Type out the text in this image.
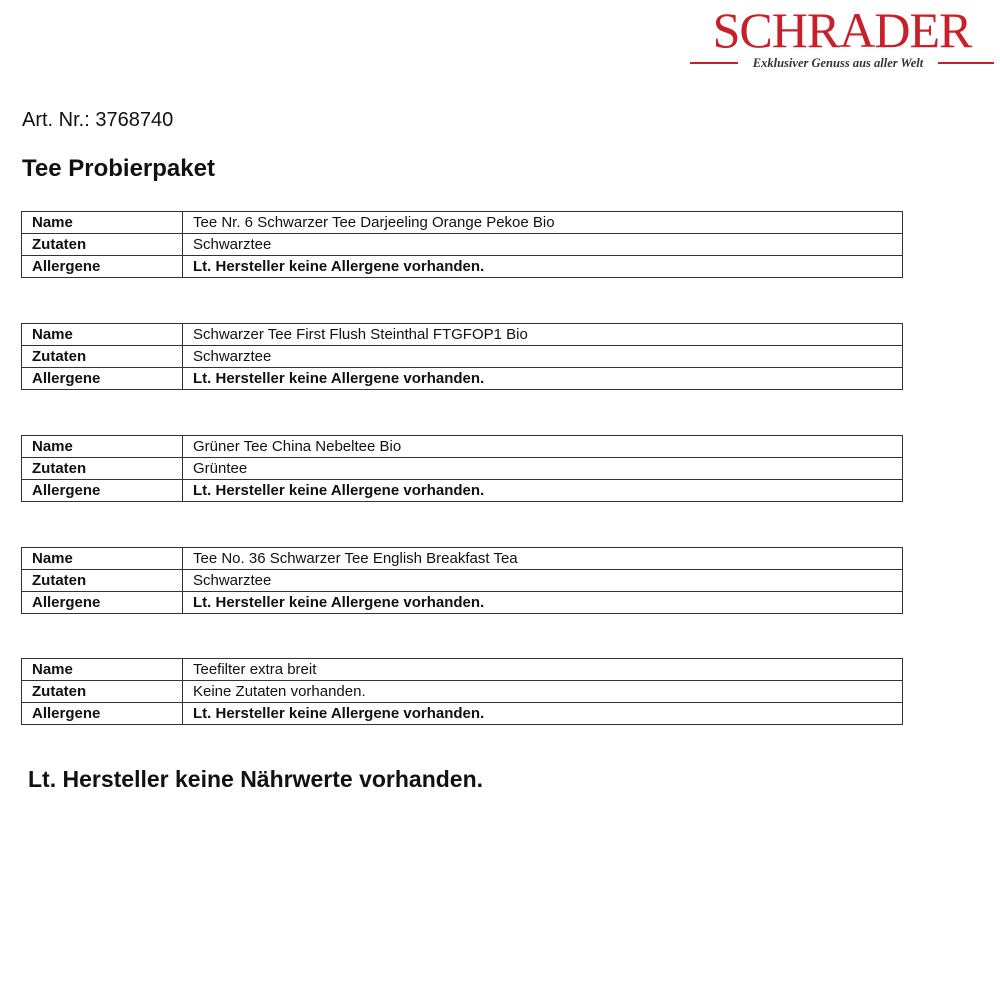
SCHRADER
Exklusiver Genuss aus aller Welt
Art. Nr.: 3768740
Tee Probierpaket
Name	Tee Nr. 6 Schwarzer Tee Darjeeling Orange Pekoe Bio
Zutaten	Schwarztee
Allergene	Lt. Hersteller keine Allergene vorhanden.
Name	Schwarzer Tee First Flush Steinthal FTGFOP1 Bio
Zutaten	Schwarztee
Allergene	Lt. Hersteller keine Allergene vorhanden.
Name	Grüner Tee China Nebeltee Bio
Zutaten	Grüntee
Allergene	Lt. Hersteller keine Allergene vorhanden.
Name	Tee No. 36 Schwarzer Tee English Breakfast Tea
Zutaten	Schwarztee
Allergene	Lt. Hersteller keine Allergene vorhanden.
Name	Teefilter extra breit
Zutaten	Keine Zutaten vorhanden.
Allergene	Lt. Hersteller keine Allergene vorhanden.
Lt. Hersteller keine Nährwerte vorhanden.
